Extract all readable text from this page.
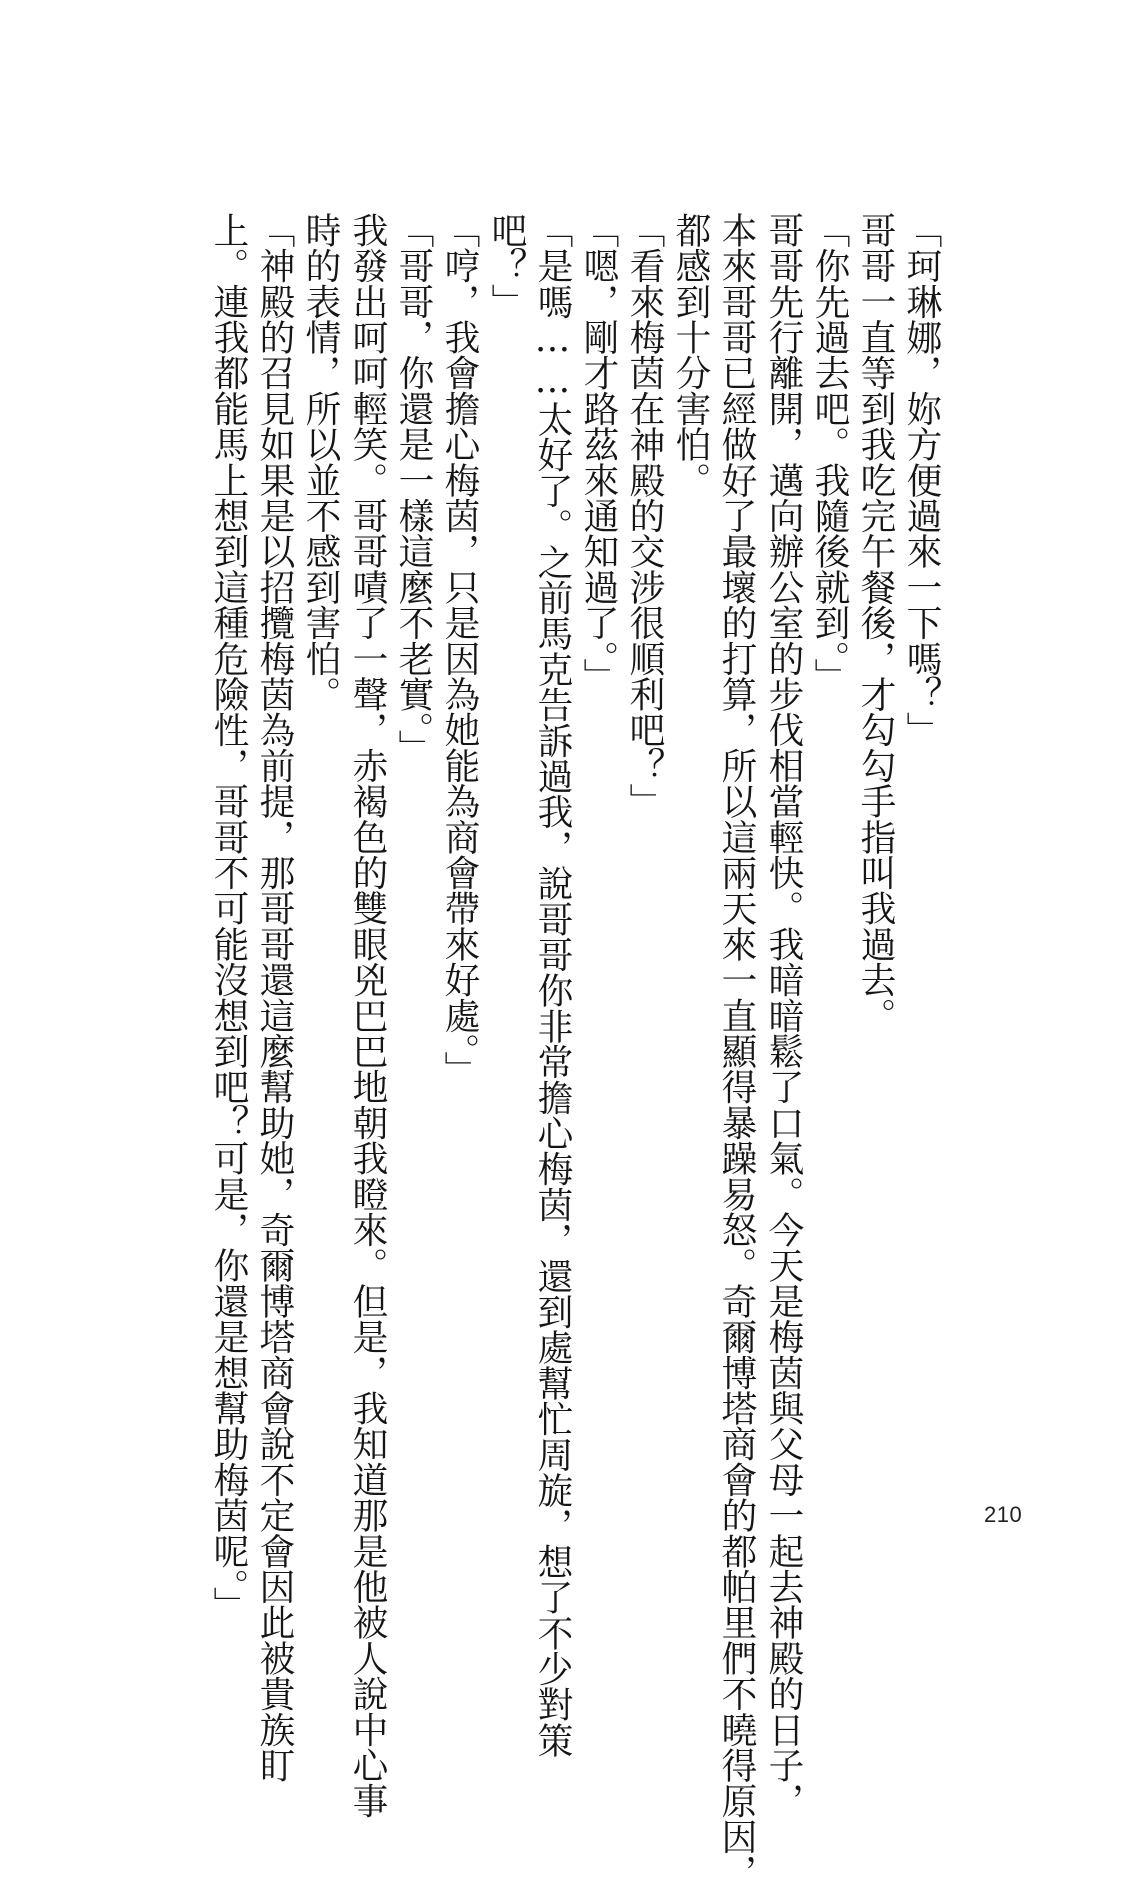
「珂琳娜，妳方便過來一下嗎？」
哥哥一直等到我吃完午餐後，才勾勾手指叫我過去。
「你先過去吧。我隨後就到。」
哥哥先行離開，邁向辦公室的步伐相當輕快。我暗暗鬆了口氣。今天是梅茵與父母一起去神殿的日子，
本來哥哥已經做好了最壞的打算，所以這兩天來一直顯得暴躁易怒。奇爾博塔商會的都帕里們不曉得原因，
都感到十分害怕。
「看來梅茵在神殿的交涉很順利吧？」
「嗯，剛才路茲來通知過了。」
「是嗎……太好了。之前馬克告訴過我，說哥哥你非常擔心梅茵，還到處幫忙周旋，想了不少對策
吧？」
「哼，我會擔心梅茵，只是因為她能為商會帶來好處。」
「哥哥，你還是一樣這麼不老實。」
我發出呵呵輕笑。哥哥嘖了一聲，赤褐色的雙眼兇巴巴地朝我瞪來。但是，我知道那是他被人說中心事
時的表情，所以並不感到害怕。
「神殿的召見如果是以招攬梅茵為前提，那哥哥還這麼幫助她，奇爾博塔商會說不定會因此被貴族盯
上。連我都能馬上想到這種危險性，哥哥不可能沒想到吧？可是，你還是想幫助梅茵呢。」	210
